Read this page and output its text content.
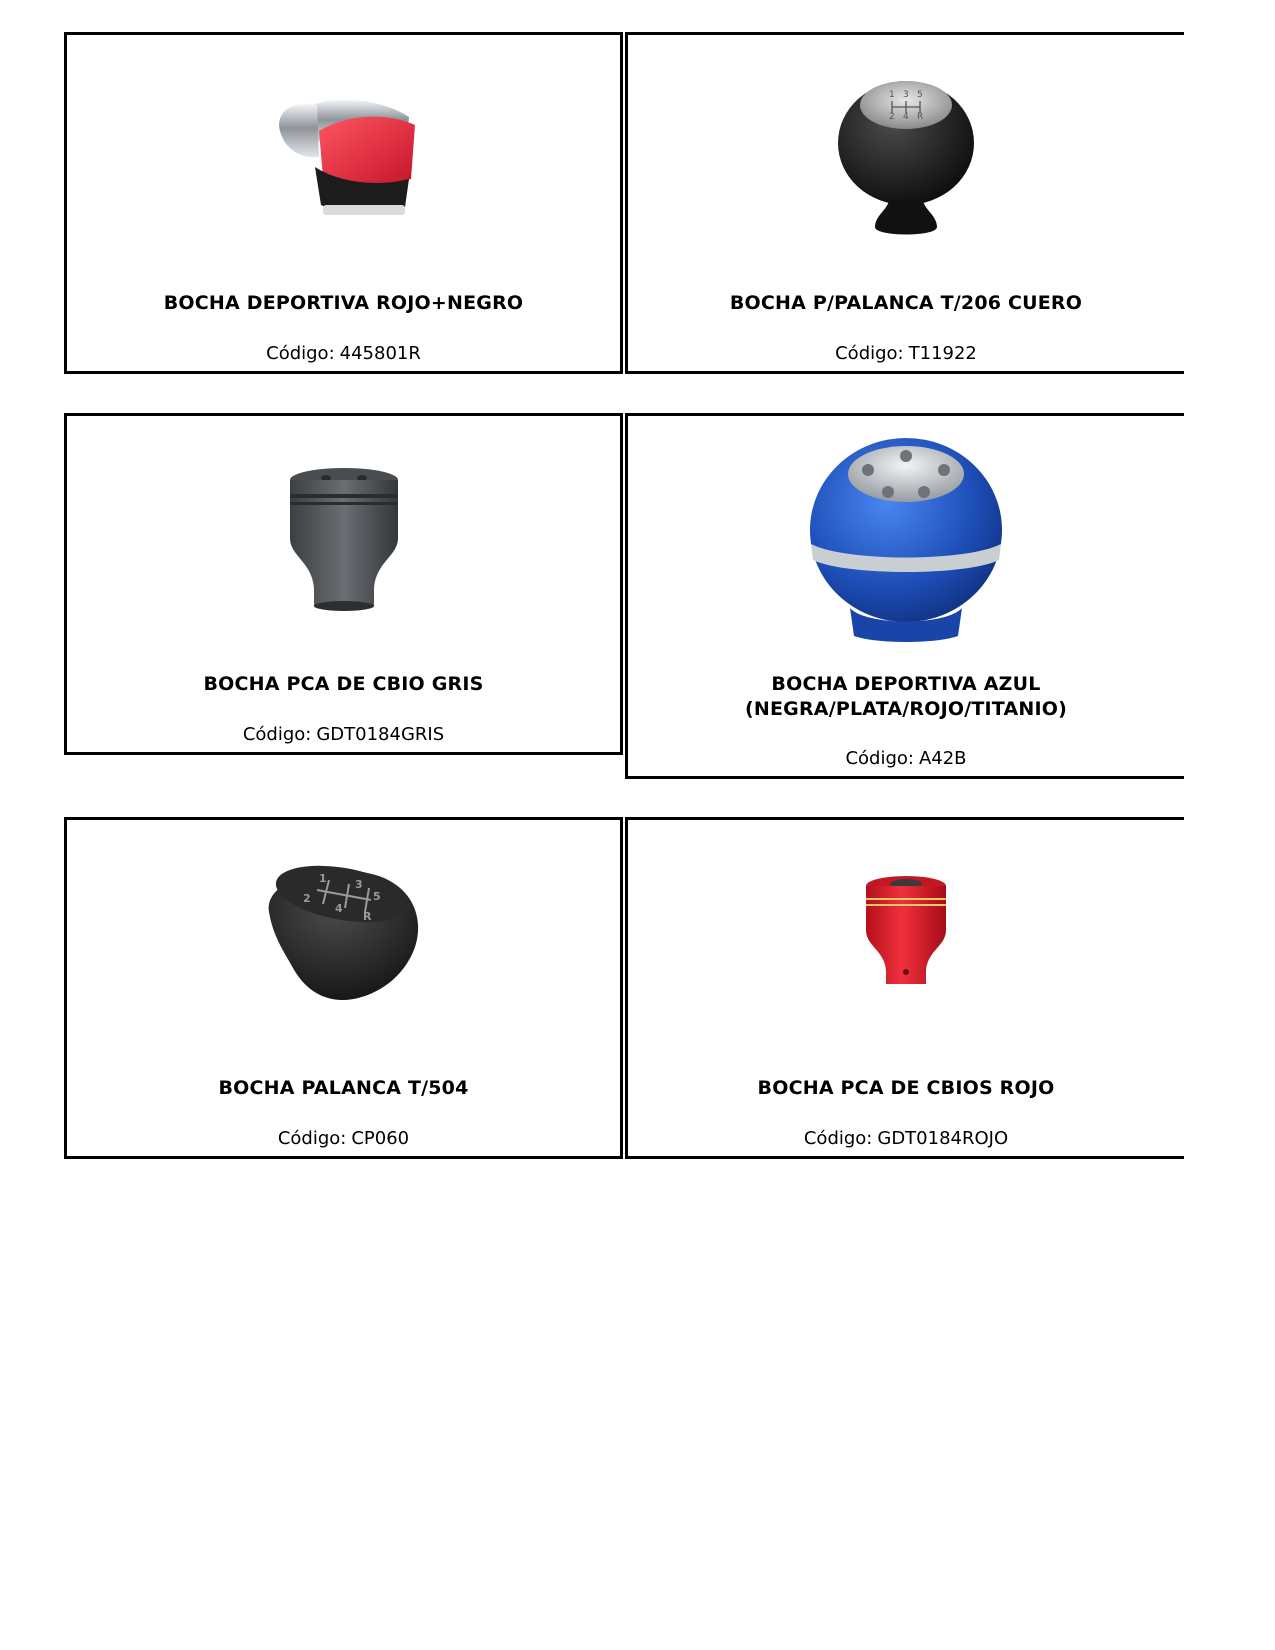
BOCHA DEPORTIVA ROJO+NEGRO
Código: 445801R
1 3 5
2 4 R
BOCHA P/PALANCA T/206 CUERO
Código: T11922
BOCHA PCA DE CBIO GRIS
Código: GDT0184GRIS
BOCHA DEPORTIVA AZUL
(NEGRA/PLATA/ROJO/TITANIO)
Código: A42B
1	3
5
2
4
R
BOCHA PALANCA T/504
Código: CP060
BOCHA PCA DE CBIOS ROJO
Código: GDT0184ROJO
